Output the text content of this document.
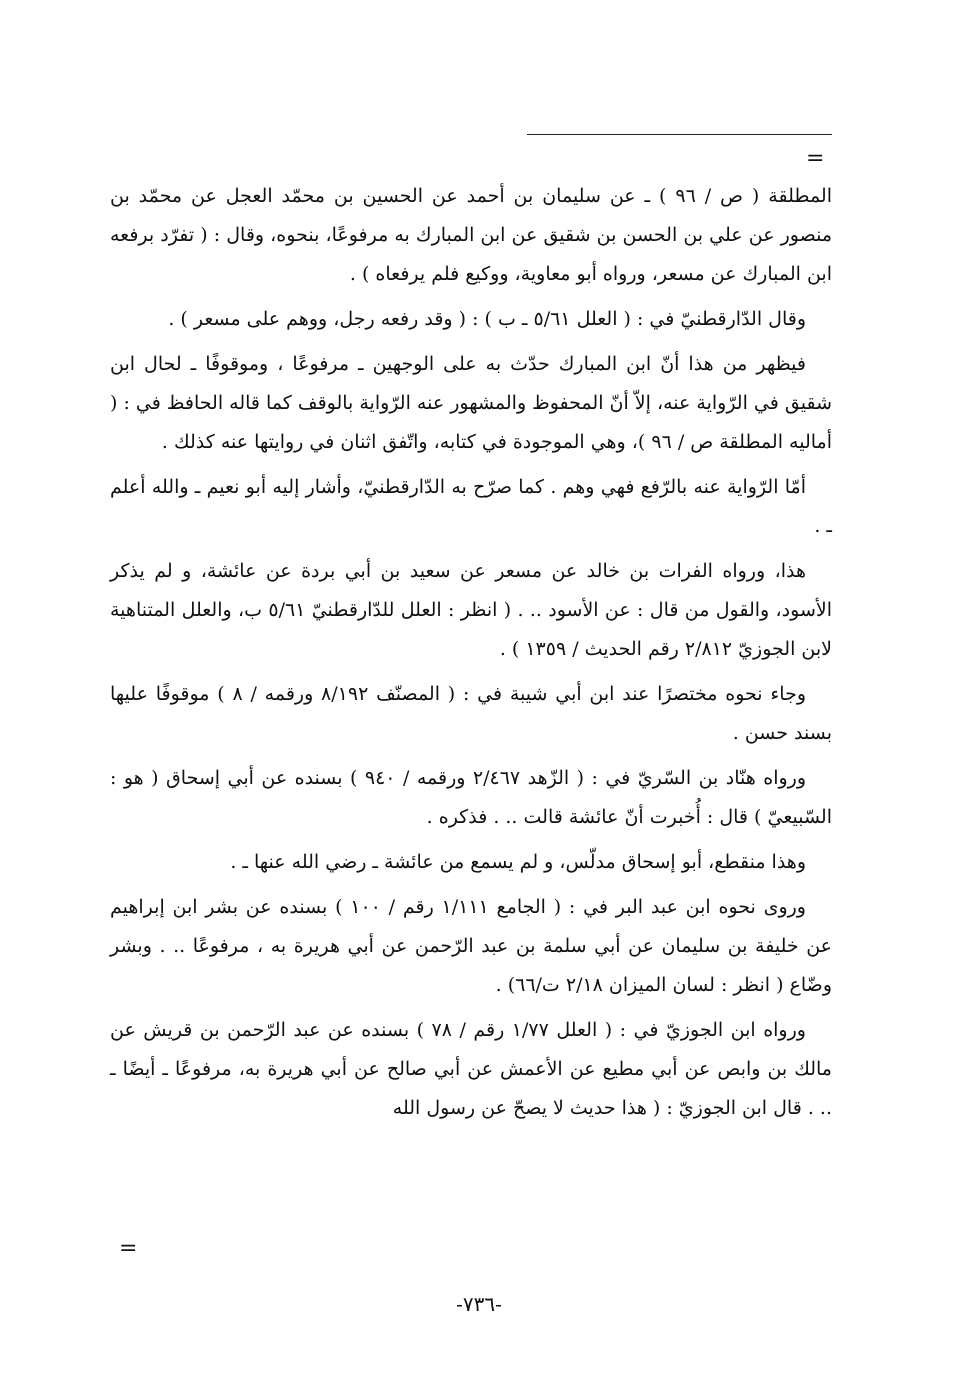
=

المطلقة ( ص / ٩٦ ) ـ عن سليمان بن أحمد عن الحسين بن محمّد العجل عن محمّد بن منصور عن علي بن الحسن بن شقيق عن ابن المبارك به مرفوعًا، بنحوه، وقال : ( تفرّد برفعه ابن المبارك عن مسعر، ورواه أبو معاوية، ووكيع فلم يرفعاه ) .

وقال الدّارقطنيّ في : ( العلل ٥/٦١ ـ ب ) : ( وقد رفعه رجل، ووهم على مسعر ) .

فيظهر من هذا أنّ ابن المبارك حدّث به على الوجهين ـ مرفوعًا ، وموقوفًا ـ لحال ابن شقيق في الرّواية عنه، إلاّ أنّ المحفوظ والمشهور عنه الرّواية بالوقف كما قاله الحافظ في : ( أماليه المطلقة ص / ٩٦ )، وهي الموجودة في كتابه، واتّفق اثنان في روايتها عنه كذلك .

أمّا الرّواية عنه بالرّفع فهي وهم . كما صرّح به الدّارقطنيّ، وأشار إليه أبو نعيم ـ والله أعلم ـ .

هذا، ورواه الفرات بن خالد عن مسعر عن سعيد بن أبي بردة عن عائشة، و لم يذكر الأسود، والقول من قال : عن الأسود .. . ( انظر : العلل للدّارقطنيّ ٥/٦١ ب، والعلل المتناهية لابن الجوزيّ ٢/٨١٢ رقم الحديث / ١٣٥٩ ) .

وجاء نحوه مختصرًا عند ابن أبي شيبة في : ( المصنّف ٨/١٩٢ ورقمه / ٨ ) موقوفًا عليها بسند حسن .

ورواه هنّاد بن السّريّ في : ( الزّهد ٢/٤٦٧ ورقمه / ٩٤٠ ) بسنده عن أبي إسحاق ( هو : السّبيعيّ ) قال : أُخبرت أنّ عائشة قالت .. . فذكره .

وهذا منقطع، أبو إسحاق مدلّس، و لم يسمع من عائشة ـ رضي الله عنها ـ .

وروى نحوه ابن عبد البر في : ( الجامع ١/١١١ رقم / ١٠٠ ) بسنده عن بشر ابن إبراهيم عن خليفة بن سليمان عن أبي سلمة بن عبد الرّحمن عن أبي هريرة به ، مرفوعًا .. . وبشر وضّاع ( انظر : لسان الميزان ٢/١٨ ت/٦٦) .

ورواه ابن الجوزيّ في : ( العلل ١/٧٧ رقم / ٧٨ ) بسنده عن عبد الرّحمن بن قريش عن مالك بن وابص عن أبي مطيع عن الأعمش عن أبي صالح عن أبي هريرة به، مرفوعًا ـ أيضًا ـ .. . قال ابن الجوزيّ : ( هذا حديث لا يصحّ عن رسول الله

=
-٧٣٦-
